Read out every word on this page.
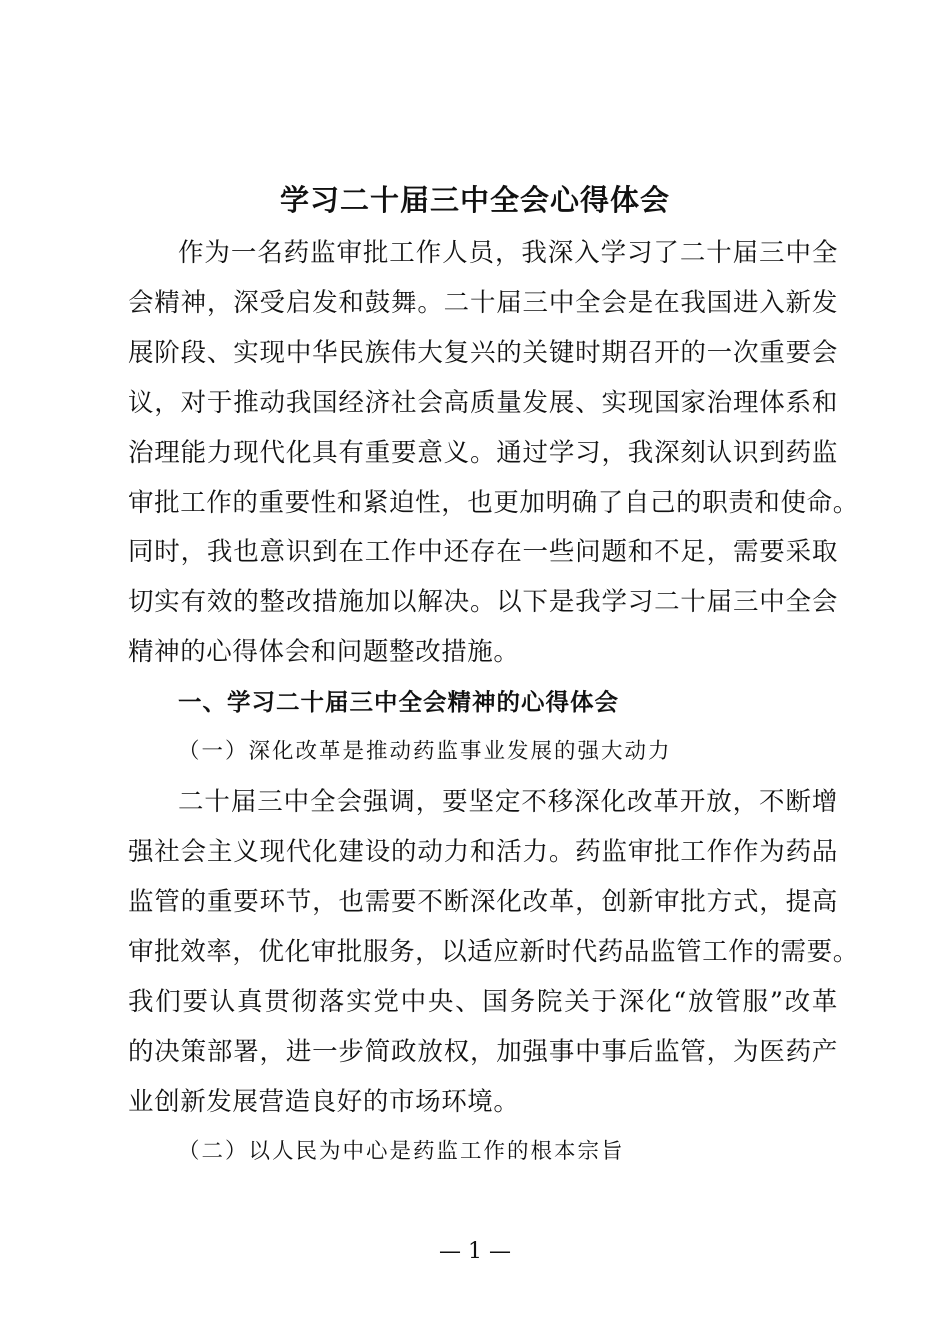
学习二十届三中全会心得体会
作为一名药监审批工作人员，我深入学习了二十届三中全
会精神，深受启发和鼓舞。二十届三中全会是在我国进入新发
展阶段、实现中华民族伟大复兴的关键时期召开的一次重要会
议，对于推动我国经济社会高质量发展、实现国家治理体系和
治理能力现代化具有重要意义。通过学习，我深刻认识到药监
审批工作的重要性和紧迫性，也更加明确了自己的职责和使命。
同时，我也意识到在工作中还存在一些问题和不足，需要采取
切实有效的整改措施加以解决。以下是我学习二十届三中全会
精神的心得体会和问题整改措施。
一、学习二十届三中全会精神的心得体会
（一）深化改革是推动药监事业发展的强大动力
二十届三中全会强调，要坚定不移深化改革开放，不断增
强社会主义现代化建设的动力和活力。药监审批工作作为药品
监管的重要环节，也需要不断深化改革，创新审批方式，提高
审批效率，优化审批服务，以适应新时代药品监管工作的需要。
我们要认真贯彻落实党中央、国务院关于深化“放管服”改革
的决策部署，进一步简政放权，加强事中事后监管，为医药产
业创新发展营造良好的市场环境。
（二）以人民为中心是药监工作的根本宗旨
— 1 —
